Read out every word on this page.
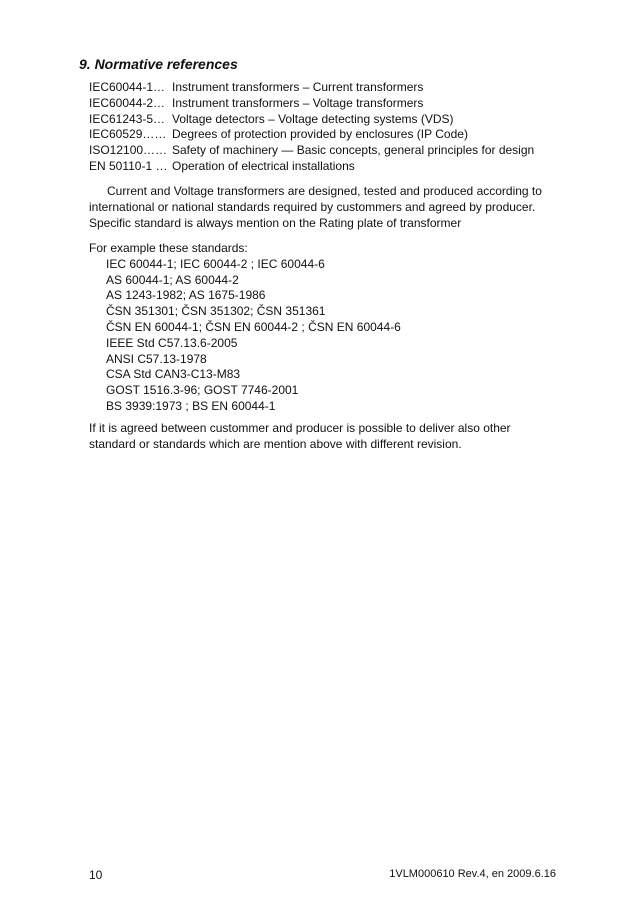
9. Normative references
IEC60044-1… Instrument transformers – Current transformers
IEC60044-2… Instrument transformers – Voltage transformers
IEC61243-5… Voltage detectors – Voltage detecting systems (VDS)
IEC60529…… Degrees of protection provided by enclosures (IP Code)
ISO12100…… Safety of machinery — Basic concepts, general principles for design
EN 50110-1 … Operation of electrical installations
Current and Voltage transformers are designed, tested and produced according to
international or national standards required by custommers and agreed by producer.
Specific standard is always mention on the Rating plate of transformer
For example these standards:
IEC 60044-1; IEC 60044-2 ; IEC 60044-6
AS 60044-1; AS 60044-2
AS 1243-1982; AS 1675-1986
ČSN 351301; ČSN 351302; ČSN 351361
ČSN EN 60044-1; ČSN EN 60044-2 ; ČSN EN 60044-6
IEEE Std C57.13.6-2005
ANSI C57.13-1978
CSA Std CAN3-C13-M83
GOST 1516.3-96; GOST 7746-2001
BS 3939:1973 ; BS EN 60044-1
If it is agreed between custommer and producer is possible to deliver also other
standard or standards which are mention above with different revision.
10	1VLM000610 Rev.4, en 2009.6.16
